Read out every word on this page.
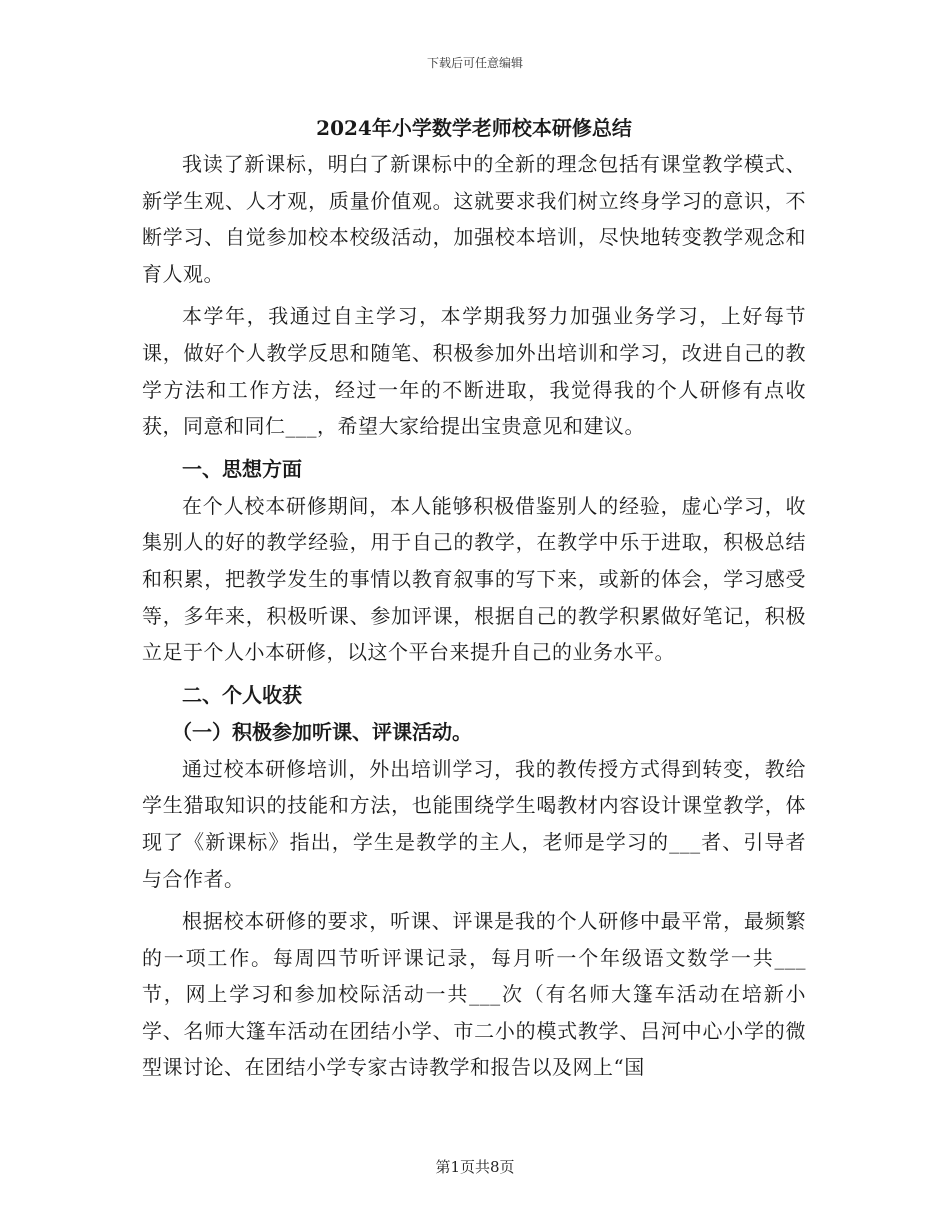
下载后可任意编辑
2024年小学数学老师校本研修总结

我读了新课标，明白了新课标中的全新的理念包括有课堂教学模式、新学生观、人才观，质量价值观。这就要求我们树立终身学习的意识，不断学习、自觉参加校本校级活动，加强校本培训，尽快地转变教学观念和育人观。

本学年，我通过自主学习，本学期我努力加强业务学习，上好每节课，做好个人教学反思和随笔、积极参加外出培训和学习，改进自己的教学方法和工作方法，经过一年的不断进取，我觉得我的个人研修有点收获，同意和同仁___，希望大家给提出宝贵意见和建议。

一、思想方面

在个人校本研修期间，本人能够积极借鉴别人的经验，虚心学习，收集别人的好的教学经验，用于自己的教学，在教学中乐于进取，积极总结和积累，把教学发生的事情以教育叙事的写下来，或新的体会，学习感受等，多年来，积极听课、参加评课，根据自己的教学积累做好笔记，积极立足于个人小本研修，以这个平台来提升自己的业务水平。

二、个人收获

（一）积极参加听课、评课活动。

通过校本研修培训，外出培训学习，我的教传授方式得到转变，教给学生猎取知识的技能和方法，也能围绕学生喝教材内容设计课堂教学，体现了《新课标》指出，学生是教学的主人，老师是学习的___者、引导者与合作者。

根据校本研修的要求，听课、评课是我的个人研修中最平常，最频繁的一项工作。每周四节听评课记录，每月听一个年级语文数学一共___节，网上学习和参加校际活动一共___次（有名师大篷车活动在培新小学、名师大篷车活动在团结小学、市二小的模式教学、吕河中心小学的微型课讨论、在团结小学专家古诗教学和报告以及网上“国

第1页共8页
